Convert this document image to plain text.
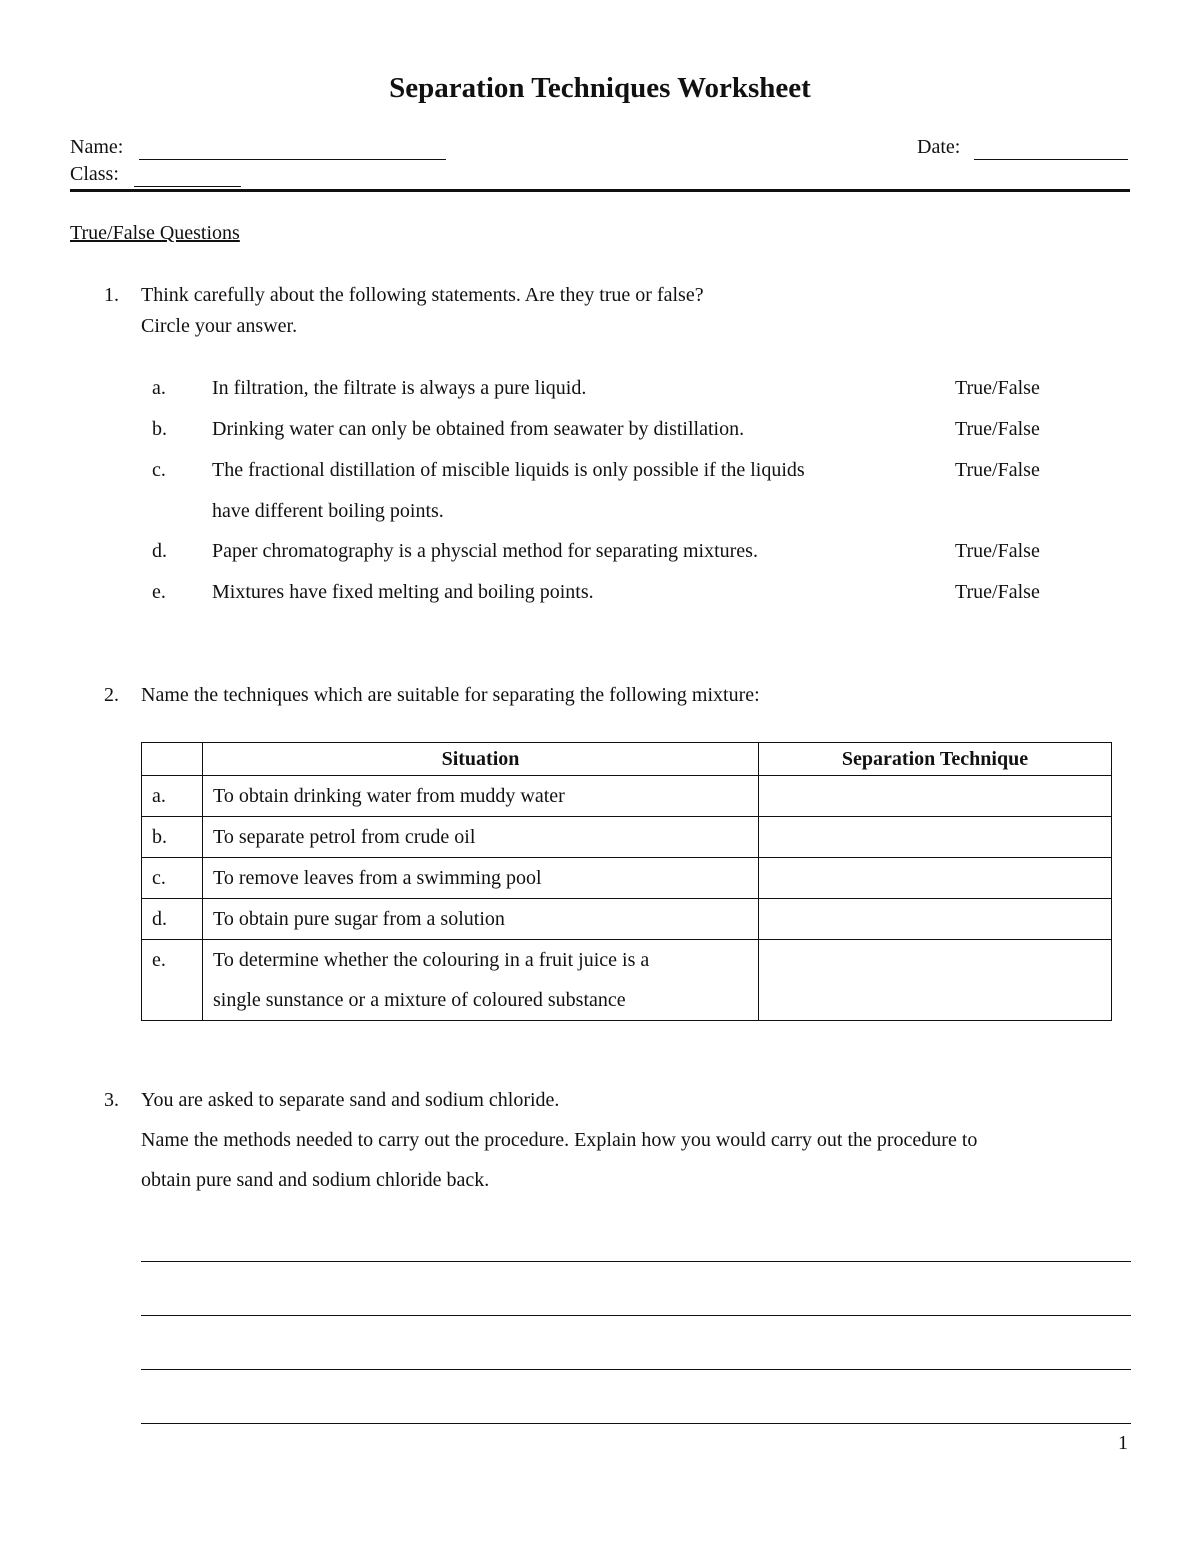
Separation Techniques Worksheet
Name:	Date:
Class:
True/False Questions
1. Think carefully about the following statements. Are they true or false?
Circle your answer.
a. In filtration, the filtrate is always a pure liquid.	True/False
b. Drinking water can only be obtained from seawater by distillation.	True/False
c. The fractional distillation of miscible liquids is only possible if the liquids
have different boiling points.
True/False
d. Paper chromatography is a physcial method for separating mixtures.	True/False
e. Mixtures have fixed melting and boiling points.	True/False
2. Name the techniques which are suitable for separating the following mixture:
	Situation	Separation Technique
a.	To obtain drinking water from muddy water	
b.	To separate petrol from crude oil	
c.	To remove leaves from a swimming pool	
d.	To obtain pure sugar from a solution	
e.	To determine whether the colouring in a fruit juice is a
single sunstance or a mixture of coloured substance	

3. You are asked to separate sand and sodium chloride.
Name the methods needed to carry out the procedure. Explain how you would carry out the procedure to
obtain pure sand and sodium chloride back.
1
